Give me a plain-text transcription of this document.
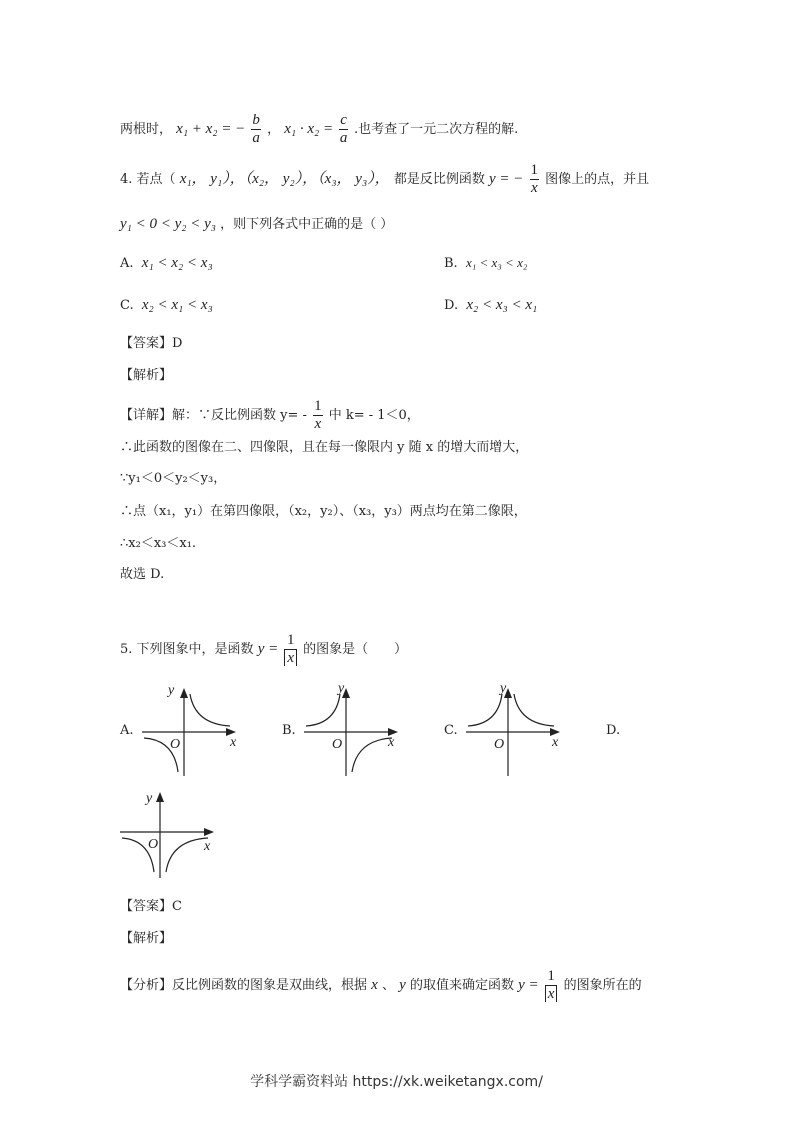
两根时， x₁ + x₂ = − $\frac{b}{a}$ ， $x_1 \cdot x_2 = \frac{c}{a}$ .也考查了一元二次方程的解.
4. 若点（ x₁， y₁），（x₂， y₂），（x₃， y₃）， 都是反比例函数 y = − $\frac{1}{x}$ 图像上的点，并且
y₁ < 0 < y₂ < y₃ ，则下列各式中正确的是（ ）
A. x₁ < x₂ < x₃	B. x₁ < x₃ < x₂
C. x₂ < x₁ < x₃	D. x₂ < x₃ < x₁
【答案】D
【解析】
【详解】解：∵反比例函数 $y= - \frac{1}{x}$ 中 k= - 1＜0，
∴此函数的图像在二、四像限，且在每一像限内 y 随 x 的增大而增大，
∵y₁＜0＜y₂＜y₃，
∴点（x₁，y₁）在第四像限，（x₂，y₂）、（x₃，y₃）两点均在第二像限，
∴x₂＜x₃＜x₁.
故选 D.
5. 下列图象中，是函数 $y = \frac{1}{x}$ 的图象是（　　）
A.	B.	C.	D.
x
y
O	x
y
O	x
y
O
x
y
O
【答案】C
【解析】
【分析】反比例函数的图象是双曲线，根据 x 、 y 的取值来确定函数 $y = \frac{1}{x}$ 的图象所在的
学科学霸资料站 https://xk.weiketangx.com/
